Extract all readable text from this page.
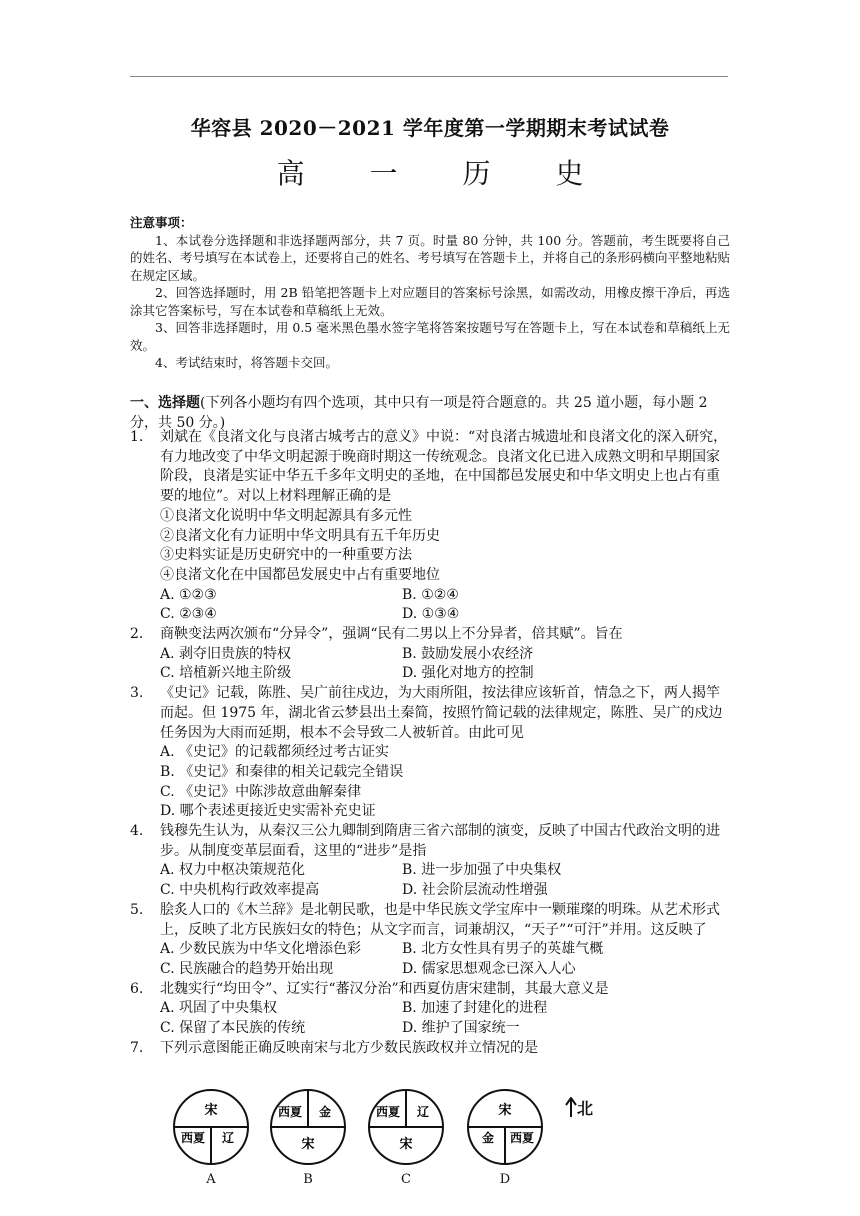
华容县 2020－2021 学年度第一学期期末考试试卷
高 一 历 史
注意事项：

1、本试卷分选择题和非选择题两部分，共 7 页。时量 80 分钟，共 100 分。答题前，考生既要将自己的姓名、考号填写在本试卷上，还要将自己的姓名、考号填写在答题卡上，并将自己的条形码横向平整地粘贴在规定区域。

2、回答选择题时，用 2B 铅笔把答题卡上对应题目的答案标号涂黑，如需改动，用橡皮擦干净后，再选涂其它答案标号，写在本试卷和草稿纸上无效。

3、回答非选择题时，用 0.5 毫米黑色墨水签字笔将答案按题号写在答题卡上，写在本试卷和草稿纸上无效。

4、考试结束时，将答题卡交回。

一、选择题(下列各小题均有四个选项，其中只有一项是符合题意的。共 25 道小题，每小题 2 分，共 50 分。)
1.	刘斌在《良渚文化与良渚古城考古的意义》中说：“对良渚古城遗址和良渚文化的深入研究，有力地改变了中华文明起源于晚商时期这一传统观念。良渚文化已进入成熟文明和早期国家阶段，良渚是实证中华五千多年文明史的圣地，在中国都邑发展史和中华文明史上也占有重要的地位”。对以上材料理解正确的是
①良渚文化说明中华文明起源具有多元性
②良渚文化有力证明中华文明具有五千年历史
③史料实证是历史研究中的一种重要方法
④良渚文化在中国都邑发展史中占有重要地位
A. ①②③	B. ①②④
C. ②③④	D. ①③④
2.	商鞅变法两次颁布“分异令”，强调“民有二男以上不分异者，倍其赋”。旨在
A. 剥夺旧贵族的特权	B. 鼓励发展小农经济
C. 培植新兴地主阶级	D. 强化对地方的控制
3.	《史记》记载，陈胜、吴广前往戍边，为大雨所阻，按法律应该斩首，情急之下，两人揭竿而起。但 1975 年，湖北省云梦县出土秦简，按照竹简记载的法律规定，陈胜、吴广的戍边任务因为大雨而延期，根本不会导致二人被斩首。由此可见
A. 《史记》的记载都须经过考古证实
B. 《史记》和秦律的相关记载完全错误
C. 《史记》中陈涉故意曲解秦律
D. 哪个表述更接近史实需补充史证
4.	钱穆先生认为，从秦汉三公九卿制到隋唐三省六部制的演变，反映了中国古代政治文明的进步。从制度变革层面看，这里的“进步”是指
A. 权力中枢决策规范化	B. 进一步加强了中央集权
C. 中央机构行政效率提高	D. 社会阶层流动性增强
5.	脍炙人口的《木兰辞》是北朝民歌，也是中华民族文学宝库中一颗璀璨的明珠。从艺术形式上，反映了北方民族妇女的特色；从文字而言，词兼胡汉，“天子”“可汗”并用。这反映了
A. 少数民族为中华文化增添色彩	B. 北方女性具有男子的英雄气概
C. 民族融合的趋势开始出现	D. 儒家思想观念已深入人心
6.	北魏实行“均田令”、辽实行“蕃汉分治”和西夏仿唐宋建制，其最大意义是
A. 巩固了中央集权	B. 加速了封建化的进程
C. 保留了本民族的传统	D. 维护了国家统一
7.	下列示意图能正确反映南宋与北方少数民族政权并立情况的是
宋
西夏 辽
A
西夏 金
宋
B
西夏 辽
宋
C
宋
金 西夏
D
北
